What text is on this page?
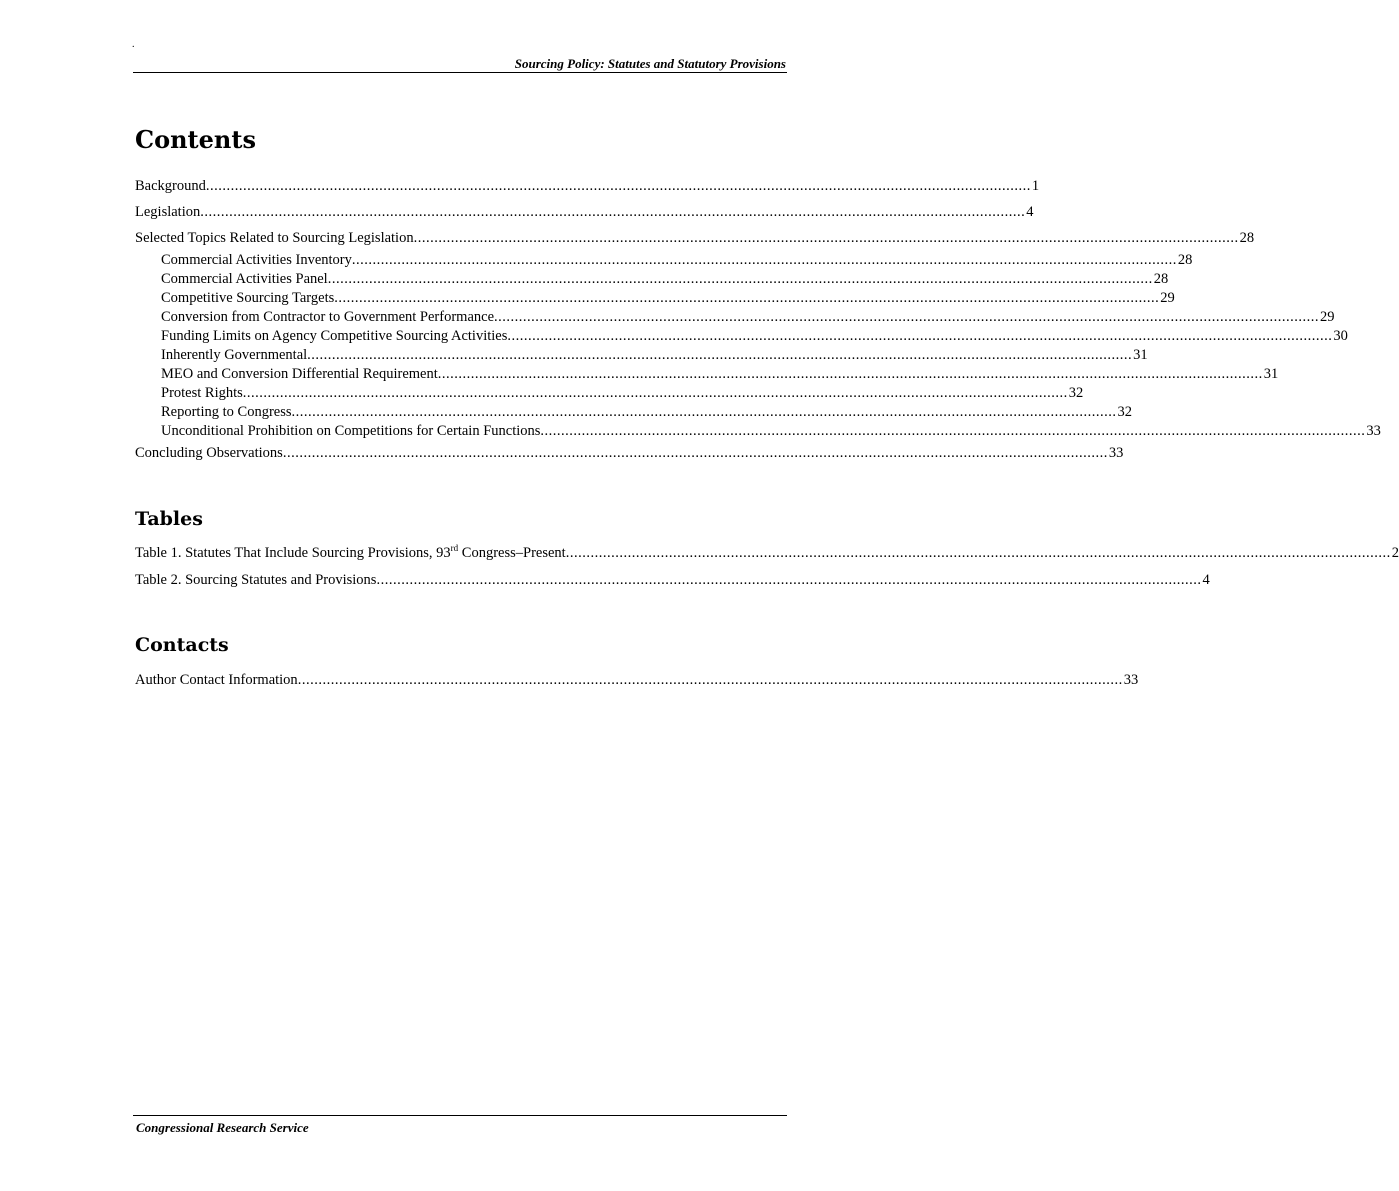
.
Sourcing Policy: Statutes and Statutory Provisions
Contents
Background ........................................................................................................................................................................................................ 1
Legislation ........................................................................................................................................................................................................ 4
Selected Topics Related to Sourcing Legislation ........................................................................................................................................................................................................ 28
Commercial Activities Inventory ........................................................................................................................................................................................................ 28
Commercial Activities Panel ........................................................................................................................................................................................................ 28
Competitive Sourcing Targets ........................................................................................................................................................................................................ 29
Conversion from Contractor to Government Performance ........................................................................................................................................................................................................ 29
Funding Limits on Agency Competitive Sourcing Activities ........................................................................................................................................................................................................ 30
Inherently Governmental ........................................................................................................................................................................................................ 31
MEO and Conversion Differential Requirement ........................................................................................................................................................................................................ 31
Protest Rights ........................................................................................................................................................................................................ 32
Reporting to Congress ........................................................................................................................................................................................................ 32
Unconditional Prohibition on Competitions for Certain Functions ........................................................................................................................................................................................................ 33
Concluding Observations ........................................................................................................................................................................................................ 33
Tables
Table 1. Statutes That Include Sourcing Provisions, 93rd Congress–Present ........................................................................................................................................................................................................ 2
Table 2. Sourcing Statutes and Provisions ........................................................................................................................................................................................................ 4
Contacts
Author Contact Information ........................................................................................................................................................................................................ 33
Congressional Research Service
